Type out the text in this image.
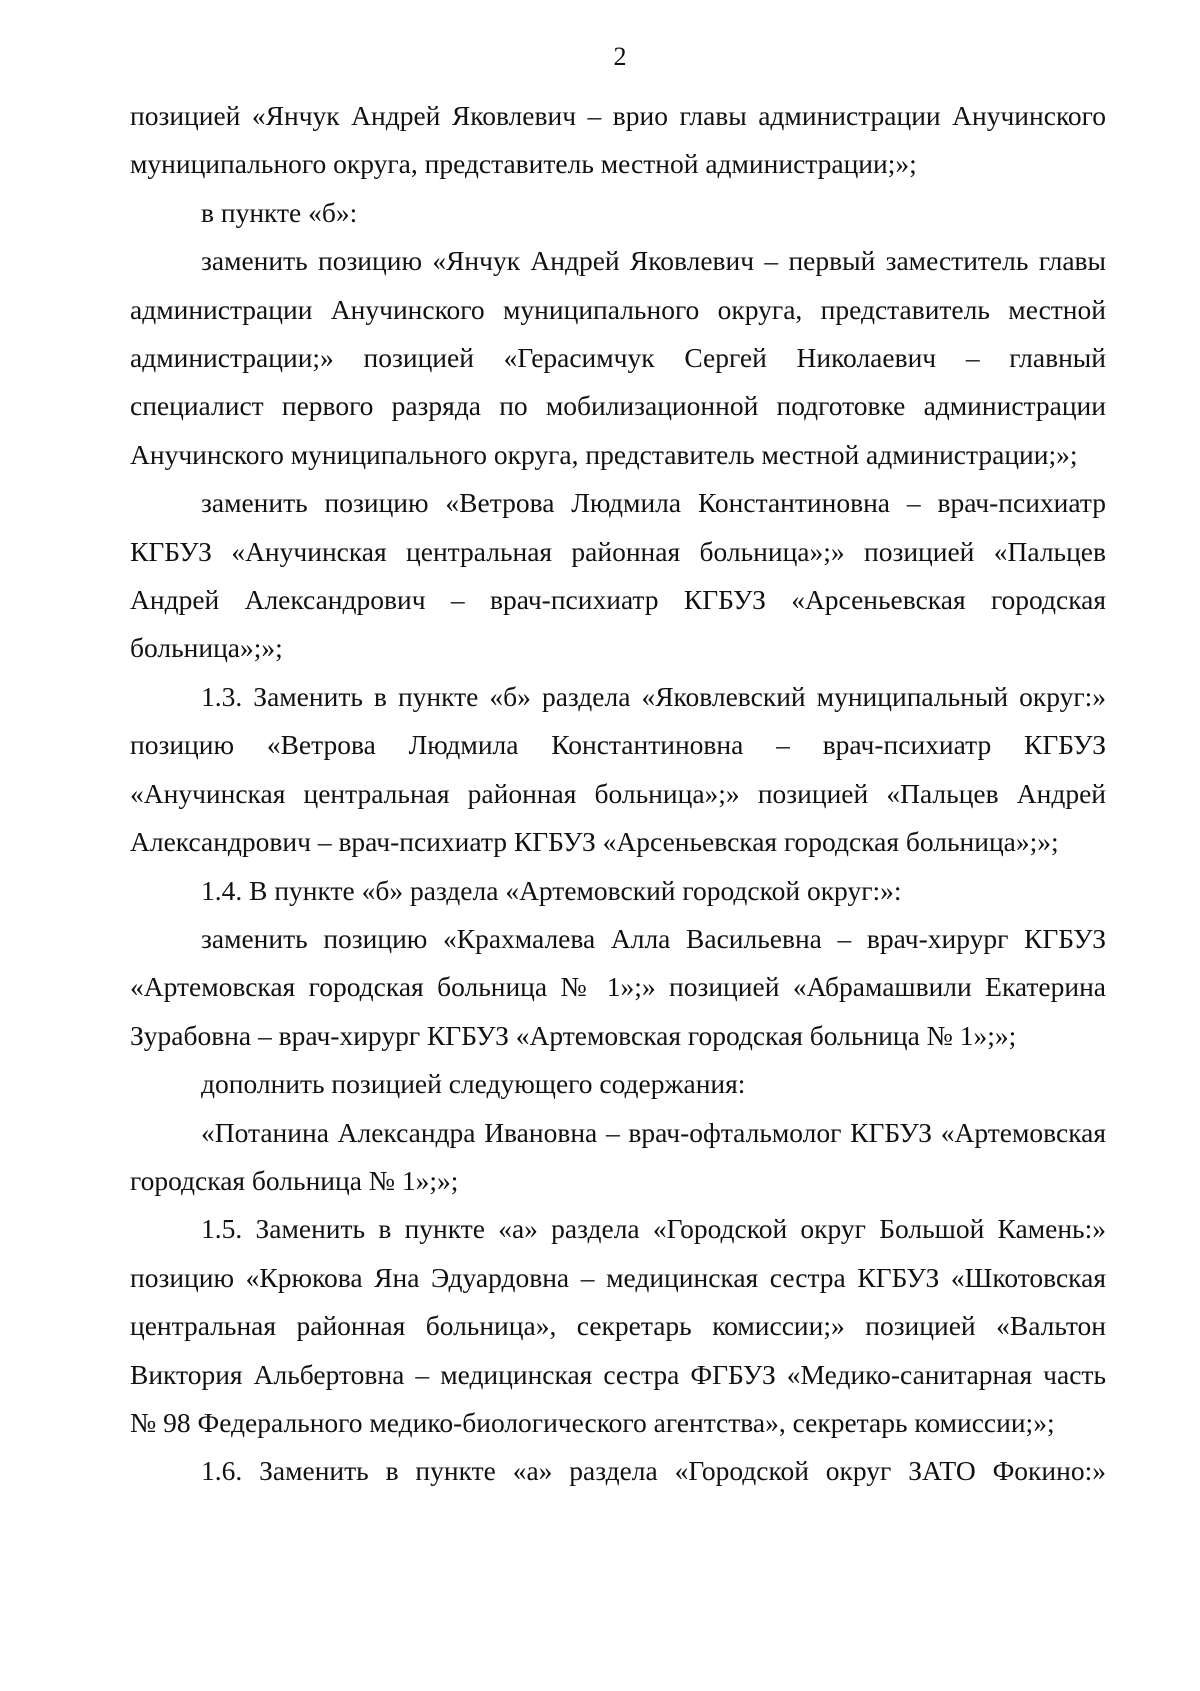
2

позицией «Янчук Андрей Яковлевич – врио главы администрации Анучинского муниципального округа, представитель местной администрации;»;

в пункте «б»:

заменить позицию «Янчук Андрей Яковлевич – первый заместитель главы администрации Анучинского муниципального округа, представитель местной администрации;» позицией «Герасимчук Сергей Николаевич – главный специалист первого разряда по мобилизационной подготовке администрации Анучинского муниципального округа, представитель местной администрации;»;

заменить позицию «Ветрова Людмила Константиновна – врач-психиатр КГБУЗ «Анучинская центральная районная больница»;» позицией «Пальцев Андрей Александрович – врач-психиатр КГБУЗ «Арсеньевская городская больница»;»;

1.3. Заменить в пункте «б» раздела «Яковлевский муниципальный округ:» позицию «Ветрова Людмила Константиновна – врач-психиатр КГБУЗ «Анучинская центральная районная больница»;» позицией «Пальцев Андрей Александрович – врач-психиатр КГБУЗ «Арсеньевская городская больница»;»;

1.4. В пункте «б» раздела «Артемовский городской округ:»:

заменить позицию «Крахмалева Алла Васильевна – врач-хирург КГБУЗ «Артемовская городская больница № 1»;» позицией «Абрамашвили Екатерина Зурабовна – врач-хирург КГБУЗ «Артемовская городская больница № 1»;»;

дополнить позицией следующего содержания:

«Потанина Александра Ивановна – врач-офтальмолог КГБУЗ «Артемовская городская больница № 1»;»;

1.5. Заменить в пункте «а» раздела «Городской округ Большой Камень:» позицию «Крюкова Яна Эдуардовна – медицинская сестра КГБУЗ «Шкотовская центральная районная больница», секретарь комиссии;» позицией «Вальтон Виктория Альбертовна – медицинская сестра ФГБУЗ «Медико-санитарная часть № 98 Федерального медико-биологического агентства», секретарь комиссии;»;

1.6. Заменить в пункте «а» раздела «Городской округ ЗАТО Фокино:»
